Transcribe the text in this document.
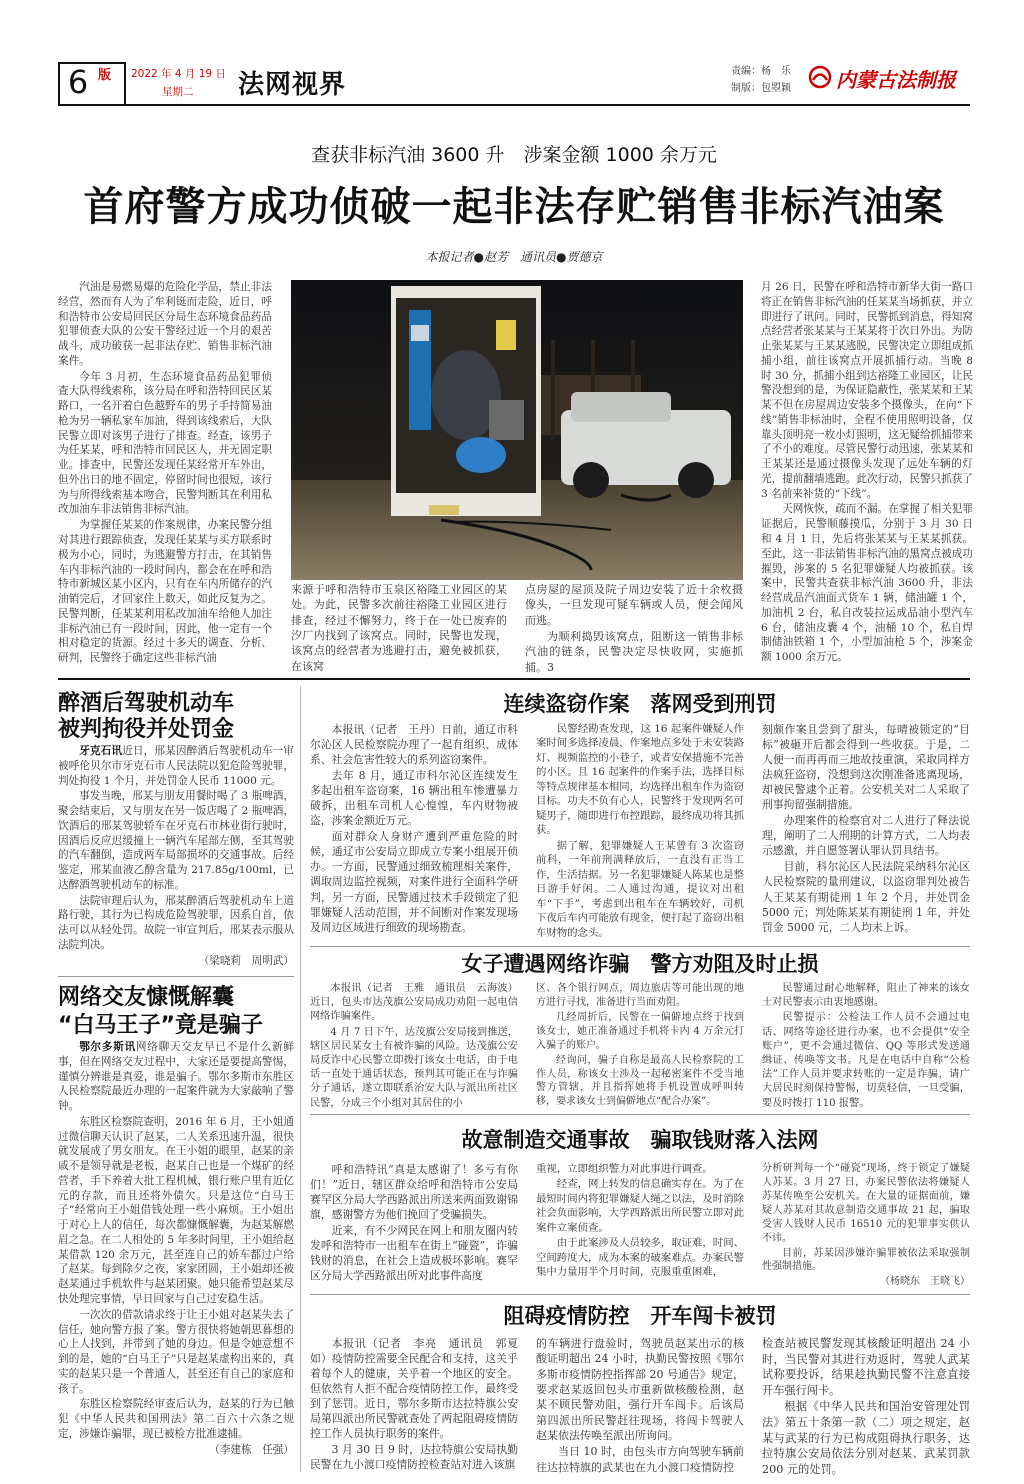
6 版	2022 年 4 月 19 日
星期二	法网视界	责编：杨　乐
制版：包曌颖	内蒙古法制报
查获非标汽油 3600 升　涉案金额 1000 余万元
首府警方成功侦破一起非法存贮销售非标汽油案
本报记者●赵芳　通讯员●贾德京

汽油是易燃易爆的危险化学品，禁止非法经营，然而有人为了牟利铤而走险，近日，呼和浩特市公安局回民区分局生态环境食品药品犯罪侦查大队的公安干警经过近一个月的艰苦战斗，成功破获一起非法存贮、销售非标汽油案件。

今年 3 月初，生态环境食品药品犯罪侦查大队得线索称，该分局在呼和浩特回民区某路口，一名开着白色越野车的男子手持简易油枪为另一辆私家车加油，得到该线索后，大队民警立即对该男子进行了排查。经查，该男子为任某某，呼和浩特市回民区人，并无固定职业。排查中，民警还发现任某经常开车外出，但外出日的地不固定，停留时间也很短，该行为与所得线索基本吻合，民警判断其在利用私改加油车非法销售非标汽油。

为掌握任某某的作案规律，办案民警分组对其进行跟踪侦查，发现任某某与买方联系时极为小心，同时，为逃避警方打击，在其销售车内非标汽油的一段时间内，都会在在呼和浩特市新城区某小区内，只有在车内所储存的汽油销完后，才回家住上数天，如此反复为之。民警判断，任某某利用私改加油车给他人加注非标汽油已有一段时间，因此，他一定有一个相对稳定的货源。经过十多天的调查、分析、研判，民警终于确定这些非标汽油

来源于呼和浩特市玉泉区裕隆工业园区的某处。为此，民警多次前往裕隆工业园区进行排查，经过不懈努力，终于在一处已废弃的汐厂内找到了该窝点。同时，民警也发现，该窝点的经营者为逃避打击，避免被抓获，在该窝

点房屋的屋顶及院子周边安装了近十余枚摄像头，一旦发现可疑车辆或人员，便会闻风而逃。

为顺利捣毁该窝点，阻断这一销售非标汽油的链条，民警决定尽快收网，实施抓捕。3

月 26 日，民警在呼和浩特市新华大街一路口将正在销售非标汽油的任某某当场抓获，并立即进行了讯问。同时，民警抓到消息，得知窝点经营者张某某与王某某将于次日外出。为防止张某某与王某某逃脱，民警决定立即组成抓捕小组，前往该窝点开展抓捕行动。当晚 8 时 30 分，抓捕小组到达裕隆工业园区，让民警没想到的是，为保证隐蔽性，张某某和王某某不但在房屋周边安装多个摄像头，在向“下线”销售非标油时，全程不使用照明设备，仅靠头顶明亮一枚小灯照明，这无疑给抓捕带来了不小的难度。尽管民警行动迅速，张某某和王某某还是通过摄像头发现了远处车辆的灯光，提前翻墙逃跑。此次行动，民警只抓获了 3 名前来补货的“下线”。

天网恢恢，疏而不漏。在掌握了相关犯罪证据后，民警顺藤摸瓜，分别于 3 月 30 日和 4 月 1 日，先后将张某某与王某某抓获。至此，这一非法销售非标汽油的黑窝点被成功摧毁，涉案的 5 名犯罪嫌疑人均被抓获。该案中，民警共查获非标汽油 3600 升，非法经营成品汽油面式货车 1 辆，储油罐 1 个，加油机 2 台，私自改装拉运成品油小型汽车 6 台，储油皮囊 4 个，油桶 10 个，私自焊制储油铁箱 1 个，小型加油枪 5 个，涉案金额 1000 余万元。

醉酒后驾驶机动车
被判拘役并处罚金

牙克石讯近日，邢某因醉酒后驾驶机动车一审被呼伦贝尔市牙克石市人民法院以犯危险驾驶罪，判处拘役 1 个月，并处罚金人民币 11000 元。

事发当晚，邢某与朋友用餐时喝了 3 瓶啤酒，聚会结束后，又与朋友在另一饭店喝了 2 瓶啤酒，饮酒后的邢某驾驶轿车在牙克石市林业街行驶时，因酒后反应迟缓撞上一辆汽车尾部左侧，至其驾驶的汽车翻倒，造成两车局部损坏的交通事故。后经鉴定，邢某血液乙醇含量为 217.85g/100ml，已达醉酒驾驶机动车的标准。

法院审理后认为，邢某醉酒后驾驶机动车上道路行驶，其行为已构成危险驾驶罪，因系自首，依法可以从轻处罚。故院一审宣判后，邢某表示服从法院判决。

（梁晓莉　周明武）

网络交友慷慨解囊
“白马王子”竟是骗子

鄂尔多斯讯网络聊天交友早已不是什么新鲜事，但在网络交友过程中，大家还是要提高警惕，谨慎分辨谁是真爱，谁是骗子。鄂尔多斯市东胜区人民检察院最近办理的一起案件就为大家敲响了警钟。

东胜区检察院查明，2016 年 6 月，王小姐通过微信聊天认识了赵某，二人关系迅速升温，很快就发展成了男女朋友。在王小姐的眼里，赵某的亲戚不是领导就是老板，赵某自己也是一个煤矿的经营者，手下养着大批工程机械，银行账户里有近亿元的存款，而且还将外债欠。只是这位“白马王子”经常向王小姐借钱处理一些小麻烦。王小姐出于对心上人的信任，每次都慷慨解囊，为赵某解燃眉之急。在二人相处的 5 年多时间里，王小姐给赵某借款 120 余万元，甚至连自己的娇车都过户给了赵某。每到除夕之夜，家家团圆，王小姐却还被赵某通过手机软件与赵某团聚。她只能希望赵某尽快处理完事情，早日回家与自己过安稳生活。

一次次的借款请求终于让王小姐对赵某失去了信任，她向警方报了案。警方很快将她朝思暮想的心上人找到，并带到了她的身边。但是令她意想不到的是，她的“白马王子”只是赵某虚构出来的，真实的赵某只是一个普通人，甚至还有自己的家庭和孩子。

东胜区检察院经审查后认为，赵某的行为已触犯《中华人民共和国刑法》第二百六十六条之规定，涉嫌诈骗罪，现已被检方批准逮捕。

（李建栋　任强）

连续盗窃作案　落网受到刑罚

本报讯（记者　王丹）日前，通辽市科尔沁区人民检察院办理了一起有组织、成体系、社会危害性较大的系列盗窃案件。

去年 8 月，通辽市科尔沁区连续发生多起出租车盗窃案，16 辆出租车惨遭暴力破拆，出租车司机人心惶惶，车内财物被盗，涉案金额近万元。

面对群众人身财产遭到严重危险的时候，通辽市公安局立即成立专案小组展开侦办。一方面，民警通过细致梳理相关案件，调取周边监控视频，对案件进行全面科学研判，另一方面，民警通过技术手段锁定了犯罪嫌疑人活动范围，并不间断对作案发现场及周边区域进行细致的现场勘查。

民警经勘查发现，这 16 起案件嫌疑人作案时间多选择凌晨，作案地点多处于未安装路灯、视频监控的小巷子，或者安保措施不完善的小区。且 16 起案件的作案手法，选择目标等特点规律基本相同，均选择出租车作为盗窃目标。功夫不负有心人，民警终于发现两名可疑男子，随即进行布控跟踪，最终成功将其抓获。

据了解，犯罪嫌疑人王某曾有 3 次盗窃前科，一年前刑满释放后，一直没有正当工作，生活拮据。另一名犯罪嫌疑人陈某也是整日游手好闲。二人通过沟通，提议对出租车“下手”，考虑到出租车在车辆较好，司机下夜后车内可能放有现金，便打起了盗窃出租车财物的念头。

刻颇作案且尝到了甜头，每晴被锁定的“目标”被砸开后都会得到一些收获。于是，二人便一而再再而三地故技重演，采取同样方法疯狂盗窃，没想到这次刚准备逃离现场，却被民警逮个正着。公安机关对二人采取了刑事拘留强制措施。

办理案件的检察官对二人进行了释法说理，阐明了二人刑期的计算方式，二人均表示感激，并自愿签署认罪认罚具结书。

目前，科尔沁区人民法院采纳科尔沁区人民检察院的量刑建议，以盗窃罪判处被告人王某某有期徒刑 1 年 2 个月，并处罚金 5000 元；判处陈某某有期徒刑 1 年，并处罚金 5000 元，二人均未上诉。

女子遭遇网络诈骗　警方劝阻及时止损

本报讯（记者　王雅　通讯员　云海波）近日，包头市达茂旗公安局成功劝阻一起电信网络诈骗案件。

4 月 7 日下午，达茂旗公安局接到推送，辖区居民某女士有被诈骗的风险。达茂旗公安局反诈中心民警立即拨打该女士电话，由于电话一直处于通话状态，预判其可能正在与诈骗分子通话，遂立即联系治安大队与派出所社区民警，分成三个小组对其居住的小

区、各个银行网点，周边旅店等可能出现的地方进行寻找，准备进行当面劝阻。

几经周折后，民警在一偏僻地点终于找到该女士，她正准备通过手机将卡内 4 万余元打入骗子的账户。

经询问，骗子自称是最高人民检察院的工作人员，称该女士涉及一起秘密案件不受当地警方管辖，并且指挥她将手机设置成呼叫转移，要求该女士到偏僻地点“配合办案”。

民警通过耐心地解释，阻止了神来的该女士对民警表示由衷地感谢。

民警提示：公检法工作人员不会通过电话、网络等途径进行办案，也不会提供“安全账户”，更不会通过微信、QQ 等形式发送通缉证、传唤等文书。凡是在电话中自称“公检法”工作人员并要求转账的一定是诈骗，请广大居民时刻保持警惕，切莫轻信，一旦受骗，要及时拨打 110 报警。

故意制造交通事故　骗取钱财落入法网

呼和浩特讯“真是太感谢了！多亏有你们！”近日，辖区群众给呼和浩特市公安局赛罕区分局大学西路派出所送来两面致谢锦旗，感谢警方为他们挽回了受骗损失。

近来，有不少网民在网上和朋友圈内转发呼和浩特市一出租车在街上“碰瓷”，诈骗钱财的消息，在社会上造成极坏影响。赛罕区分局大学西路派出所对此事件高度

重视，立即组织警力对此事进行调查。

经查，网上转发的信息确实存在。为了在最短时间内将犯罪嫌疑人绳之以法，及时消除社会负面影响，大学西路派出所民警立即对此案件立案侦查。

由于此案涉及人员较多，取证难，时间、空间跨度大，成为本案的破案难点。办案民警集中力量用半个月时间，克服重重困难，

分析研判每一个“碰瓷”现场，终于锁定了嫌疑人苏某。3 月 27 日，办案民警依法将嫌疑人苏某传唤至公安机关。在大量的证据面前，嫌疑人苏某对其故意制造交通事故 21 起，骗取受害人钱财人民币 16510 元的犯罪事实供认不讳。

目前，苏某因涉嫌诈骗罪被依法采取强制性强制措施。

（杨晓东　王晓飞）

阻碍疫情防控　开车闯卡被罚

本报讯（记者　李亮　通讯员　郭夏如）疫情防控需要全民配合和支持，这关乎着每个人的健康，关乎着一个地区的安全。但依然有人拒不配合疫情防控工作，最终受到了惩罚。近日，鄂尔多斯市达拉特旗公安局第四派出所民警就查处了两起阻碍疫情防控工作人员执行职务的案件。

3 月 30 日 9 时，达拉特旗公安局执勤民警在九小渡口疫情防控检查站对进入该旗

的车辆进行盘验时，驾驶员赵某出示的核酸证明超出 24 小时，执勤民警按照《鄂尔多斯市疫情防控指挥部 20 号通告》规定，要求赵某返回包头市重新做核酸检测，赵某不顾民警劝阻，强行开车闯卡。后该局第四派出所民警赶往现场，将闯卡驾驶人赵某依法传唤至派出所询问。

当日 10 时，由包头市方向驾驶车辆前往达拉特旗的武某也在九小渡口疫情防控

检查站被民警发现其核酸证明超出 24 小时，当民警对其进行劝返时，驾驶人武某试称要投诉，结果趁执勤民警不注意直接开车强行闯卡。

根据《中华人民共和国治安管理处罚法》第五十条第一款（二）项之规定，赵某与武某的行为已构成阻碍执行职务，达拉特旗公安局依法分别对赵某、武某罚款 200 元的处罚。
